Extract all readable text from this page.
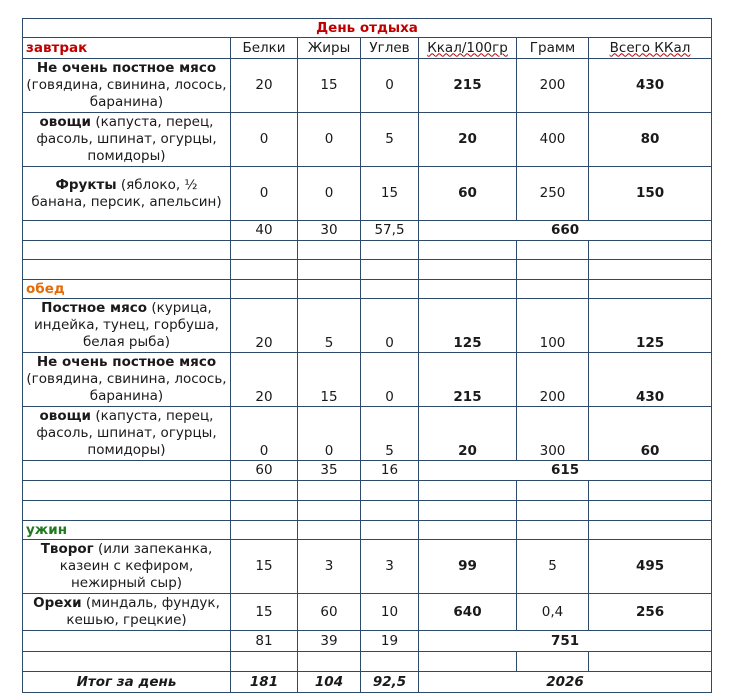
День отдыха						
завтрак	Белки	Жиры	Углев	Ккал/100гр	Грамм	Всего ККал
Не очень постное мясо (говядина, свинина, лосось, баранина)	20	15	0	215	200	430
овощи (капуста, перец, фасоль, шпинат, огурцы, помидоры)	0	0	5	20	400	80
Фрукты (яблоко, ½ банана, персик, апельсин)	0	0	15	60	250	150
	40	30	57,5	660		

обед						
Постное мясо (курица, индейка, тунец, горбуша, белая рыба)	20	5	0	125	100	125
Не очень постное мясо (говядина, свинина, лосось, баранина)	20	15	0	215	200	430
овощи (капуста, перец, фасоль, шпинат, огурцы, помидоры)	0	0	5	20	300	60
	60	35	16	615		

ужин						
Творог (или запеканка, казеин с кефиром, нежирный сыр)	15	3	3	99	5	495
Орехи (миндаль, фундук, кешью, грецкие)	15	60	10	640	0,4	256
	81	39	19	751		

Итог за день	181	104	92,5	2026		
